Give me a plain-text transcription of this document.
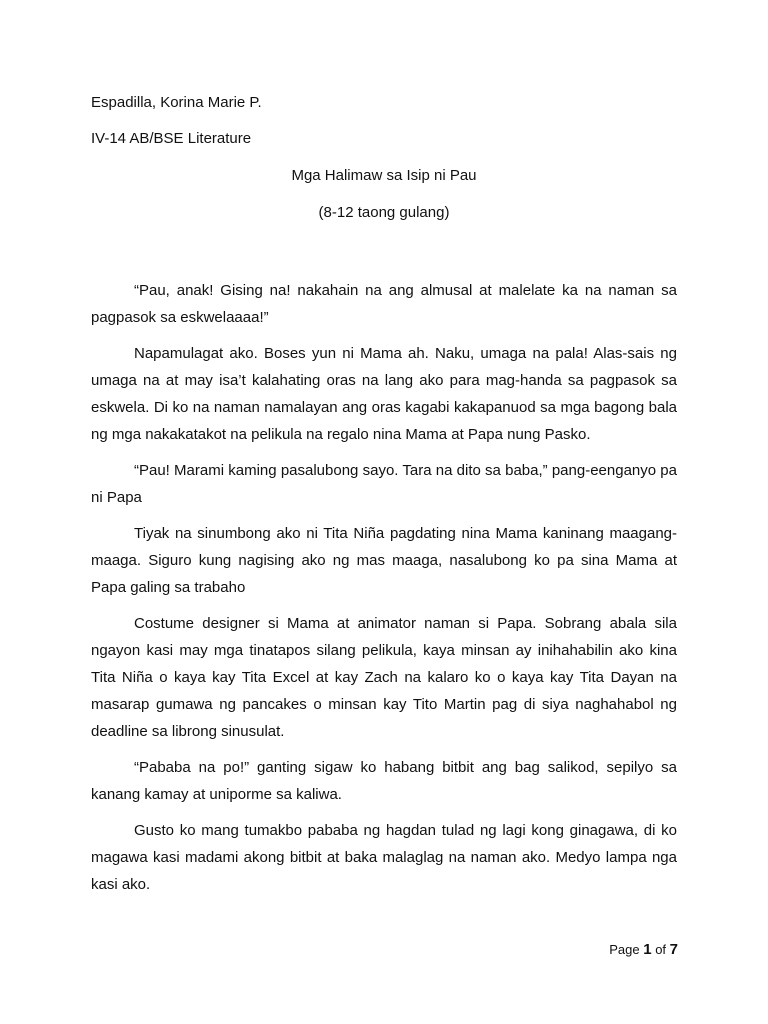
Espadilla, Korina Marie P.
IV-14 AB/BSE Literature
Mga Halimaw sa Isip ni Pau
(8-12 taong gulang)

“Pau, anak! Gising na! nakahain na ang almusal at malelate ka na naman sa pagpasok sa eskwelaaaa!”

Napamulagat ako. Boses yun ni Mama ah. Naku, umaga na pala! Alas-sais ng umaga na at may isa’t kalahating oras na lang ako para mag-handa sa pagpasok sa eskwela. Di ko na naman namalayan ang oras kagabi kakapanuod sa mga bagong bala ng mga nakakatakot na pelikula na regalo nina Mama at Papa nung Pasko.

“Pau! Marami kaming pasalubong sayo. Tara na dito sa baba,” pang-eenganyo pa ni Papa

Tiyak na sinumbong ako ni Tita Niña pagdating nina Mama kaninang maagang-maaga. Siguro kung nagising ako ng mas maaga, nasalubong ko pa sina Mama at Papa galing sa trabaho

Costume designer si Mama at animator naman si Papa. Sobrang abala sila ngayon kasi may mga tinatapos silang pelikula, kaya minsan ay inihahabilin ako kina Tita Niña o kaya kay Tita Excel at kay Zach na kalaro ko o kaya kay Tita Dayan na masarap gumawa ng pancakes o minsan kay Tito Martin pag di siya naghahabol ng deadline sa librong sinusulat.

“Pababa na po!” ganting sigaw ko habang bitbit ang bag salikod, sepilyo sa kanang kamay at uniporme sa kaliwa.

Gusto ko mang tumakbo pababa ng hagdan tulad ng lagi kong ginagawa, di ko magawa kasi madami akong bitbit at baka malaglag na naman ako. Medyo lampa nga kasi ako.

Page 1 of 7
